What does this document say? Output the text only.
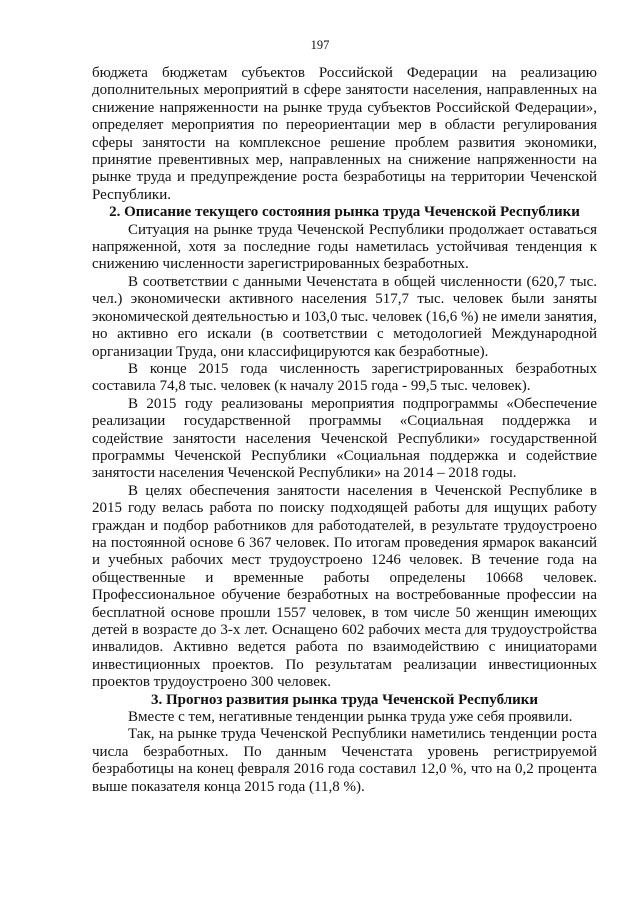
197

бюджета бюджетам субъектов Российской Федерации на реализацию дополнительных мероприятий в сфере занятости населения, направленных на снижение напряженности на рынке труда субъектов Российской Федерации», определяет мероприятия по переориентации мер в области регулирования сферы занятости на комплексное решение проблем развития экономики, принятие превентивных мер, направленных на снижение напряженности на рынке труда и предупреждение роста безработицы на территории Чеченской Республики.

2. Описание текущего состояния рынка труда Чеченской Республики

Ситуация на рынке труда Чеченской Республики продолжает оставаться напряженной, хотя за последние годы наметилась устойчивая тенденция к снижению численности зарегистрированных безработных.

В соответствии с данными Чеченстата в общей численности (620,7 тыс. чел.) экономически активного населения 517,7 тыс. человек были заняты экономической деятельностью и 103,0 тыс. человек (16,6 %) не имели занятия, но активно его искали (в соответствии с методологией Международной организации Труда, они классифицируются как безработные).

В конце 2015 года численность зарегистрированных безработных составила 74,8 тыс. человек (к началу 2015 года - 99,5 тыс. человек).

В 2015 году реализованы мероприятия подпрограммы «Обеспечение реализации государственной программы «Социальная поддержка и содействие занятости населения Чеченской Республики» государственной программы Чеченской Республики «Социальная поддержка и содействие занятости населения Чеченской Республики» на 2014 – 2018 годы.

В целях обеспечения занятости населения в Чеченской Республике в 2015 году велась работа по поиску подходящей работы для ищущих работу граждан и подбор работников для работодателей, в результате трудоустроено на постоянной основе 6 367 человек. По итогам проведения ярмарок вакансий и учебных рабочих мест трудоустроено 1246 человек. В течение года на общественные и временные работы определены 10668 человек. Профессиональное обучение безработных на востребованные профессии на бесплатной основе прошли 1557 человек, в том числе 50 женщин имеющих детей в возрасте до 3-х лет. Оснащено 602 рабочих места для трудоустройства инвалидов. Активно ведется работа по взаимодействию с инициаторами инвестиционных проектов. По результатам реализации инвестиционных проектов трудоустроено 300 человек.

3. Прогноз развития рынка труда Чеченской Республики

Вместе с тем, негативные тенденции рынка труда уже себя проявили.

Так, на рынке труда Чеченской Республики наметились тенденции роста числа безработных. По данным Чеченстата уровень регистрируемой безработицы на конец февраля 2016 года составил 12,0 %, что на 0,2 процента выше показателя конца 2015 года (11,8 %).
